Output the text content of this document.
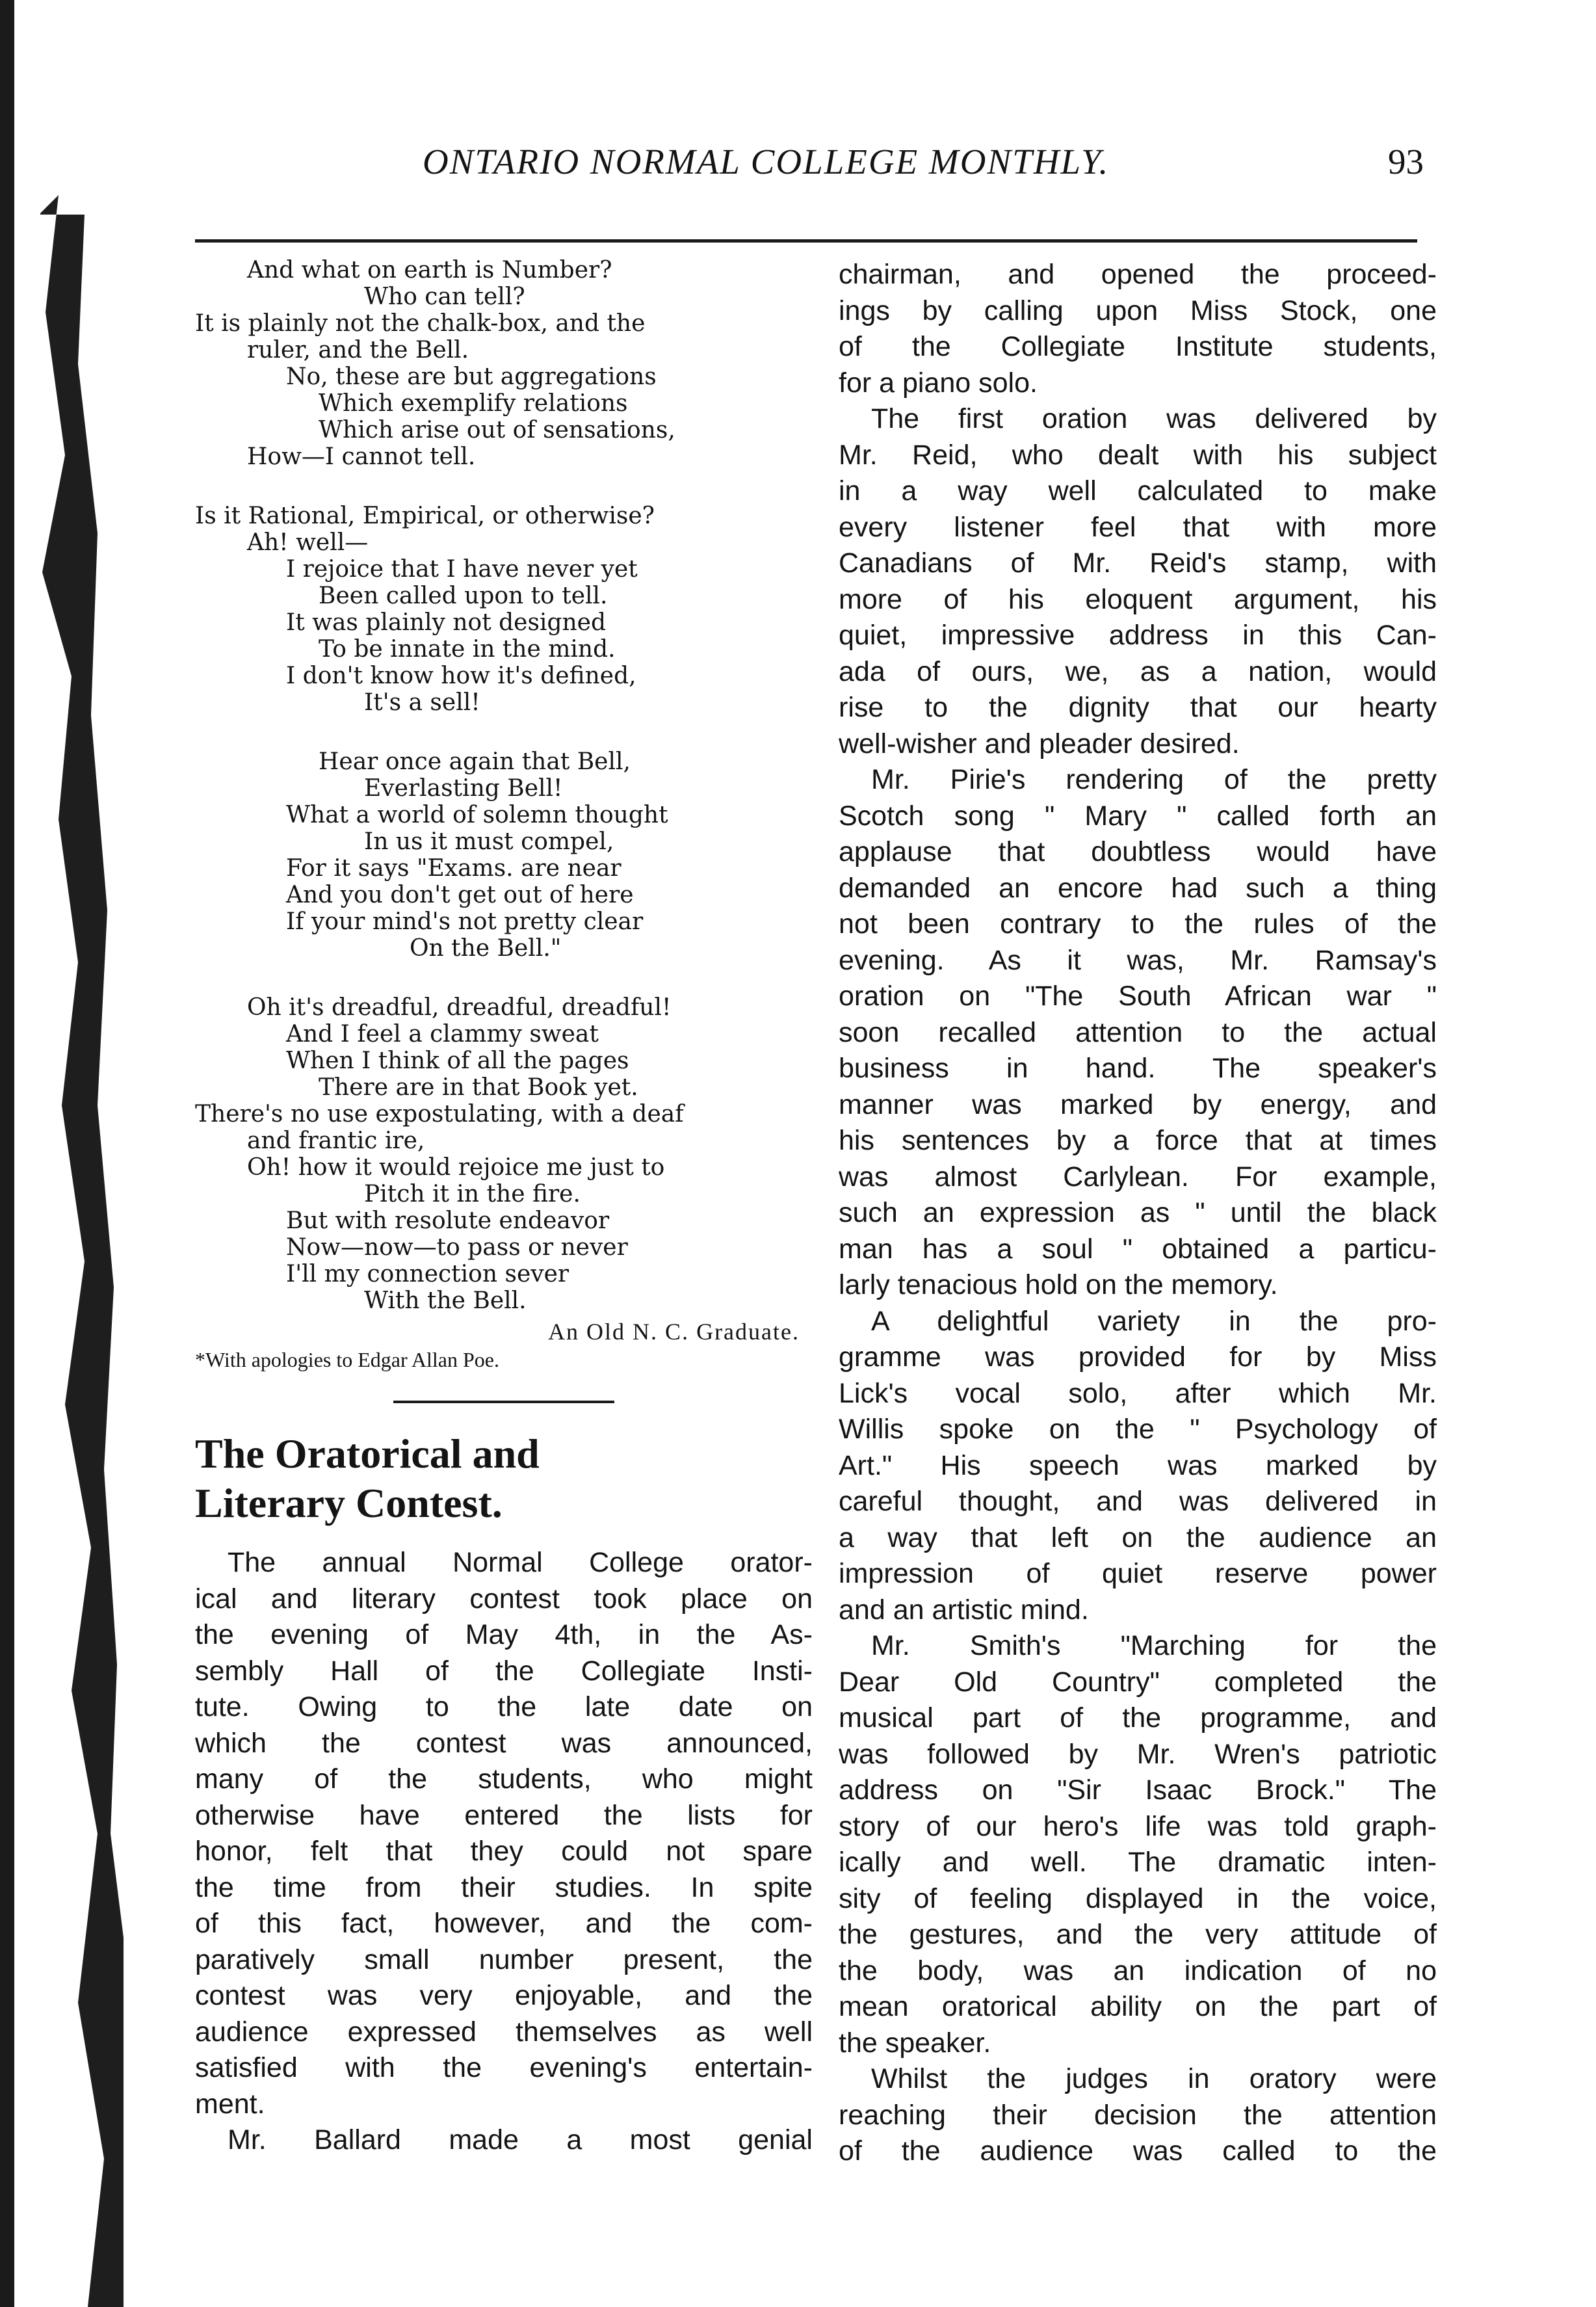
ONTARIO NORMAL COLLEGE MONTHLY.	93
And what on earth is Number?
Who can tell?
It is plainly not the chalk-box, and the
ruler, and the Bell.
No, these are but aggregations
Which exemplify relations
Which arise out of sensations,
How—I cannot tell.
Is it Rational, Empirical, or otherwise?
Ah! well—
I rejoice that I have never yet
Been called upon to tell.
It was plainly not designed
To be innate in the mind.
I don't know how it's defined,
It's a sell!
Hear once again that Bell,
Everlasting Bell!
What a world of solemn thought
In us it must compel,
For it says "Exams. are near
And you don't get out of here
If your mind's not pretty clear
On the Bell."
Oh it's dreadful, dreadful, dreadful!
And I feel a clammy sweat
When I think of all the pages
There are in that Book yet.
There's no use expostulating, with a deaf
and frantic ire,
Oh! how it would rejoice me just to
Pitch it in the fire.
But with resolute endeavor
Now—now—to pass or never
I'll my connection sever
With the Bell.
An Old N. C. Graduate.
*With apologies to Edgar Allan Poe.
The Oratorical and
Literary Contest.

The annual Normal College orator-
ical and literary contest took place on
the evening of May 4th, in the As-
sembly Hall of the Collegiate Insti-
tute. Owing to the late date on
which the contest was announced,
many of the students, who might
otherwise have entered the lists for
honor, felt that they could not spare
the time from their studies. In spite
of this fact, however, and the com-
paratively small number present, the
contest was very enjoyable, and the
audience expressed themselves as well
satisfied with the evening's entertain-
ment.

Mr. Ballard made a most genial

chairman, and opened the proceed-
ings by calling upon Miss Stock, one
of the Collegiate Institute students,
for a piano solo.

The first oration was delivered by
Mr. Reid, who dealt with his subject
in a way well calculated to make
every listener feel that with more
Canadians of Mr. Reid's stamp, with
more of his eloquent argument, his
quiet, impressive address in this Can-
ada of ours, we, as a nation, would
rise to the dignity that our hearty
well-wisher and pleader desired.

Mr. Pirie's rendering of the pretty
Scotch song " Mary " called forth an
applause that doubtless would have
demanded an encore had such a thing
not been contrary to the rules of the
evening. As it was, Mr. Ramsay's
oration on "The South African war "
soon recalled attention to the actual
business in hand. The speaker's
manner was marked by energy, and
his sentences by a force that at times
was almost Carlylean. For example,
such an expression as " until the black
man has a soul " obtained a particu-
larly tenacious hold on the memory.

A delightful variety in the pro-
gramme was provided for by Miss
Lick's vocal solo, after which Mr.
Willis spoke on the " Psychology of
Art." His speech was marked by
careful thought, and was delivered in
a way that left on the audience an
impression of quiet reserve power
and an artistic mind.

Mr. Smith's "Marching for the
Dear Old Country" completed the
musical part of the programme, and
was followed by Mr. Wren's patriotic
address on "Sir Isaac Brock." The
story of our hero's life was told graph-
ically and well. The dramatic inten-
sity of feeling displayed in the voice,
the gestures, and the very attitude of
the body, was an indication of no
mean oratorical ability on the part of
the speaker.

Whilst the judges in oratory were
reaching their decision the attention
of the audience was called to the
